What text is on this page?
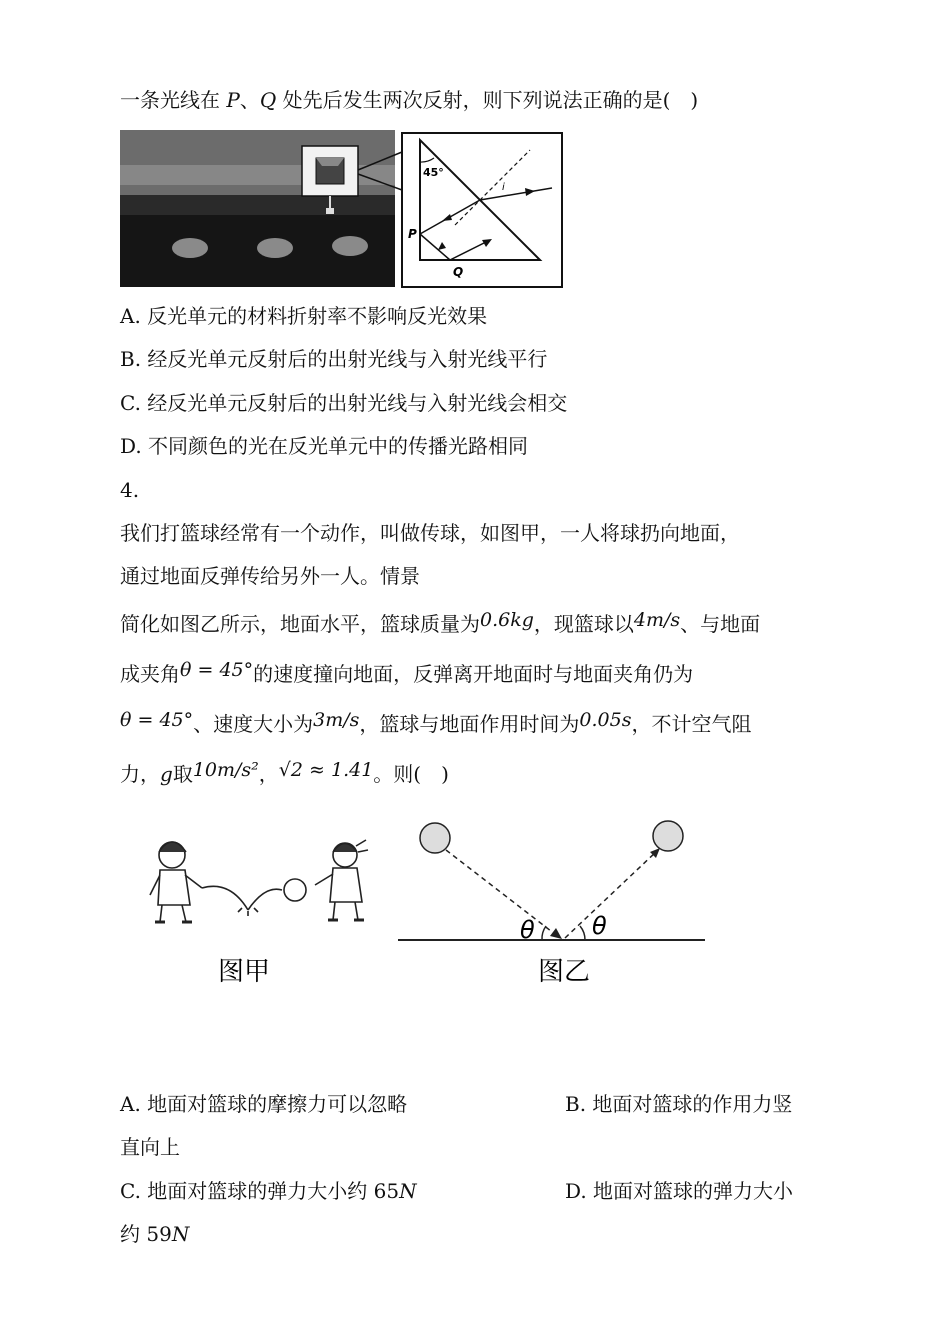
一条光线在 P、Q 处先后发生两次反射，则下列说法正确的是(　)
45°
i
P
Q
A. 反光单元的材料折射率不影响反光效果
B. 经反光单元反射后的出射光线与入射光线平行
C. 经反光单元反射后的出射光线与入射光线会相交
D. 不同颜色的光在反光单元中的传播光路相同
4.
我们打篮球经常有一个动作，叫做传球，如图甲，一人将球扔向地面，
通过地面反弹传给另外一人。情景
简化如图乙所示，地面水平，篮球质量为0.6kg，现篮球以4m/s、与地面
成夹角θ = 45°的速度撞向地面，反弹离开地面时与地面夹角仍为
θ = 45°、速度大小为3m/s，篮球与地面作用时间为0.05s，不计空气阻
力，g取10m/s²，√2 ≈ 1.41。则(　)
图甲
θ θ
图乙
A. 地面对篮球的摩擦力可以忽略	B. 地面对篮球的作用力竖
直向上
C. 地面对篮球的弹力大小约 65N	D. 地面对篮球的弹力大小
约 59N
